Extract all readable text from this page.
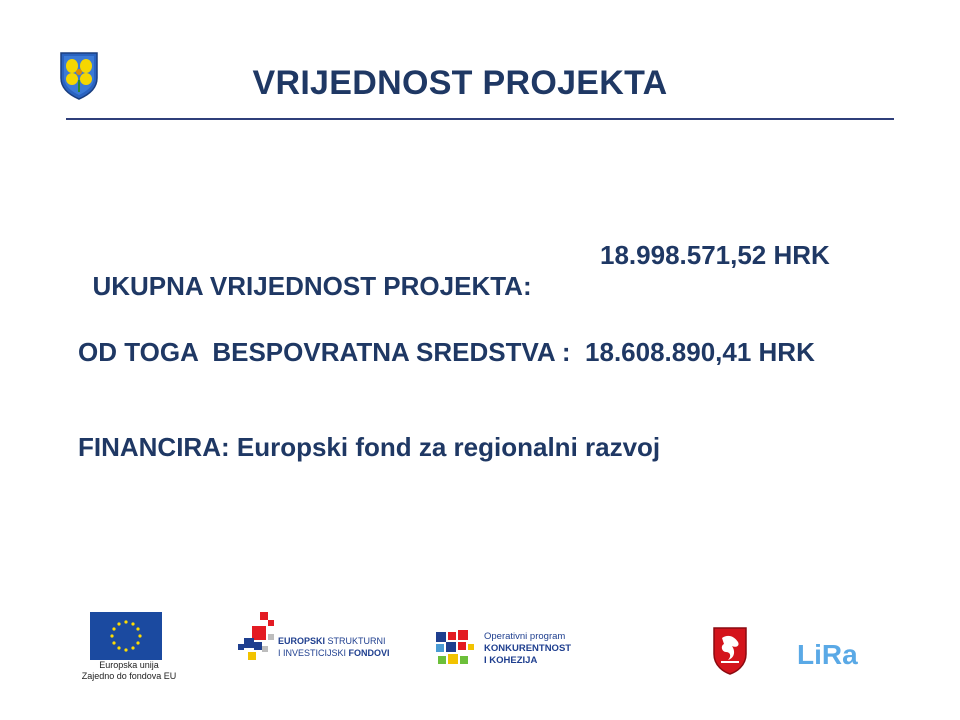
VRIJEDNOST PROJEKTA

UKUPNA VRIJEDNOST PROJEKTA:

18.998.571,52 HRK

OD TOGA  BESPOVRATNA SREDSTVA :  18.608.890,41 HRK
FINANCIRA: Europski fond za regionalni razvoj
Europska unija
Zajedno do fondova EU
EUROPSKI STRUKTURNI
I INVESTICIJSKI FONDOVI
Operativni program
KONKURENTNOST
I KOHEZIJA	LiRa
